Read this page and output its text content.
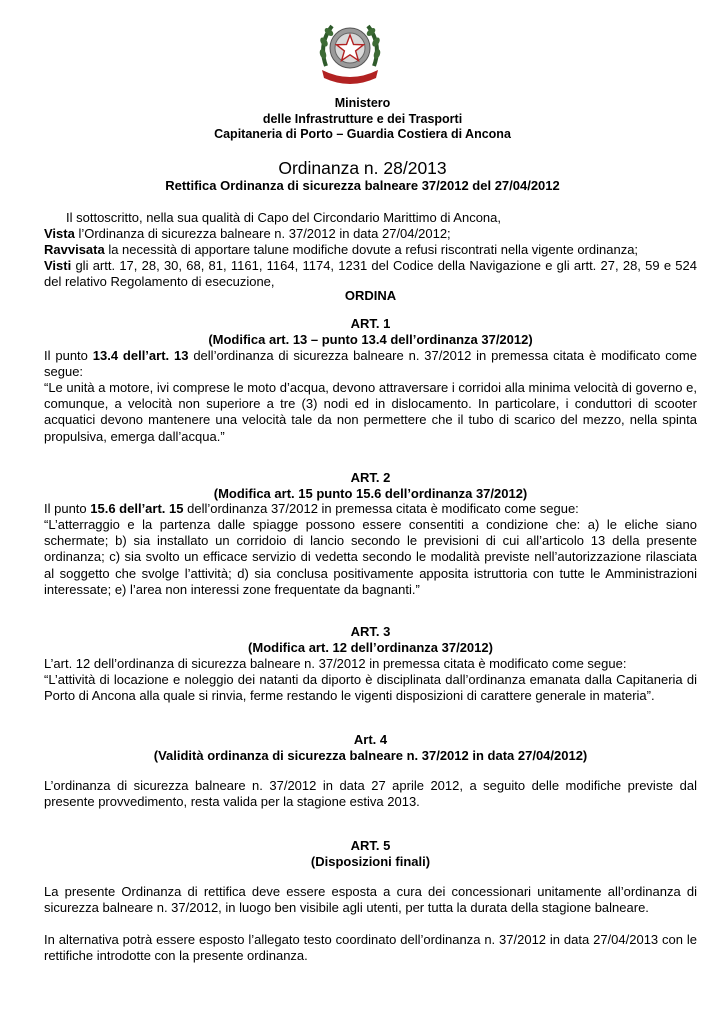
Ministero
delle Infrastrutture e dei Trasporti
Capitaneria di Porto – Guardia Costiera di Ancona
Ordinanza n. 28/2013
Rettifica Ordinanza di sicurezza balneare 37/2012 del 27/04/2012
Il sottoscritto, nella sua qualità di Capo del Circondario Marittimo di Ancona,
Vista l’Ordinanza di sicurezza balneare n. 37/2012 in data 27/04/2012;
Ravvisata la necessità di apportare talune modifiche dovute a refusi riscontrati nella vigente ordinanza;
Visti gli artt. 17, 28, 30, 68, 81, 1161, 1164, 1174, 1231 del Codice della Navigazione e gli artt. 27, 28, 59 e 524 del relativo Regolamento di esecuzione,
ORDINA
ART. 1
(Modifica art. 13 – punto 13.4 dell’ordinanza 37/2012)
Il punto 13.4 dell’art. 13 dell’ordinanza di sicurezza balneare n. 37/2012 in premessa citata è modificato come segue:
“Le unità a motore, ivi comprese le moto d’acqua, devono attraversare i corridoi alla minima velocità di governo e, comunque, a velocità non superiore a tre (3) nodi ed in dislocamento. In particolare, i conduttori di scooter acquatici devono mantenere una velocità tale da non permettere che il tubo di scarico del mezzo, nella spinta propulsiva, emerga dall’acqua.”
ART. 2
(Modifica art. 15 punto 15.6 dell’ordinanza 37/2012)
Il punto 15.6 dell’art. 15 dell’ordinanza 37/2012 in premessa citata è modificato come segue:
“L’atterraggio e la partenza dalle spiagge possono essere consentiti a condizione che: a) le eliche siano schermate; b) sia installato un corridoio di lancio secondo le previsioni di cui all’articolo 13 della presente ordinanza; c) sia svolto un efficace servizio di vedetta secondo le modalità previste nell’autorizzazione rilasciata al soggetto che svolge l’attività; d) sia conclusa positivamente apposita istruttoria con tutte le Amministrazioni interessate; e) l’area non interessi zone frequentate da bagnanti.”
ART. 3
(Modifica art. 12 dell’ordinanza 37/2012)
L’art. 12 dell’ordinanza di sicurezza balneare n. 37/2012 in premessa citata è modificato come segue:
“L’attività di locazione e noleggio dei natanti da diporto è disciplinata dall’ordinanza emanata dalla Capitaneria di Porto di Ancona alla quale si rinvia, ferme restando le vigenti disposizioni di carattere generale in materia”.
Art. 4
(Validità ordinanza di sicurezza balneare n. 37/2012 in data 27/04/2012)
L’ordinanza di sicurezza balneare n. 37/2012 in data 27 aprile 2012, a seguito delle modifiche previste dal presente provvedimento, resta valida per la stagione estiva 2013.
ART. 5
(Disposizioni finali)
La presente Ordinanza di rettifica deve essere esposta a cura dei concessionari unitamente all’ordinanza di sicurezza balneare n. 37/2012, in luogo ben visibile agli utenti, per tutta la durata della stagione balneare.
In alternativa potrà essere esposto l’allegato testo coordinato dell’ordinanza n. 37/2012 in data 27/04/2013 con le rettifiche introdotte con la presente ordinanza.
